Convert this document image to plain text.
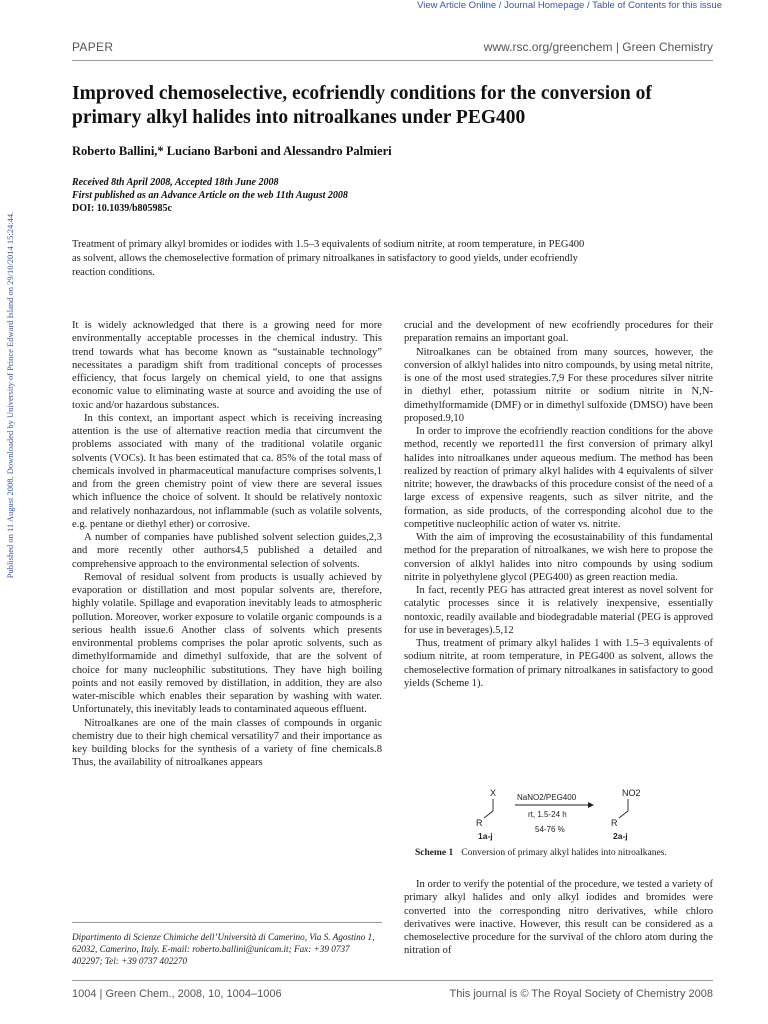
View Article Online / Journal Homepage / Table of Contents for this issue
PAPER	www.rsc.org/greenchem | Green Chemistry
Improved chemoselective, ecofriendly conditions for the conversion of primary alkyl halides into nitroalkanes under PEG400
Roberto Ballini,* Luciano Barboni and Alessandro Palmieri
Received 8th April 2008, Accepted 18th June 2008
First published as an Advance Article on the web 11th August 2008
DOI: 10.1039/b805985c
Treatment of primary alkyl bromides or iodides with 1.5–3 equivalents of sodium nitrite, at room temperature, in PEG400 as solvent, allows the chemoselective formation of primary nitroalkanes in satisfactory to good yields, under ecofriendly reaction conditions.
Published on 11 August 2008. Downloaded by University of Prince Edward Island on 29/10/2014 15:24:44.	It is widely acknowledged that there is a growing need for more environmentally acceptable processes in the chemical industry. This trend towards what has become known as “sustainable technology” necessitates a paradigm shift from traditional concepts of processes efficiency, that focus largely on chemical yield, to one that assigns economic value to eliminating waste at source and avoiding the use of toxic and/or hazardous substances.

In this context, an important aspect which is receiving increasing attention is the use of alternative reaction media that circumvent the problems associated with many of the traditional volatile organic solvents (VOCs). It has been estimated that ca. 85% of the total mass of chemicals involved in pharmaceutical manufacture comprises solvents,1 and from the green chemistry point of view there are several issues which influence the choice of solvent. It should be relatively nontoxic and relatively nonhazardous, not inflammable (such as volatile solvents, e.g. pentane or diethyl ether) or corrosive.

A number of companies have published solvent selection guides,2,3 and more recently other authors4,5 published a detailed and comprehensive approach to the environmental selection of solvents.

Removal of residual solvent from products is usually achieved by evaporation or distillation and most popular solvents are, therefore, highly volatile. Spillage and evaporation inevitably leads to atmospheric pollution. Moreover, worker exposure to volatile organic compounds is a serious health issue.6 Another class of solvents which presents environmental problems comprises the polar aprotic solvents, such as dimethylformamide and dimethyl sulfoxide, that are the solvent of choice for many nucleophilic substitutions. They have high boiling points and not easily removed by distillation, in addition, they are also water-miscible which enables their separation by washing with water. Unfortunately, this inevitably leads to contaminated aqueous effluent.

Nitroalkanes are one of the main classes of compounds in organic chemistry due to their high chemical versatility7 and their importance as key building blocks for the synthesis of a variety of fine chemicals.8 Thus, the availability of nitroalkanes appears

crucial and the development of new ecofriendly procedures for their preparation remains an important goal.

Nitroalkanes can be obtained from many sources, however, the conversion of alklyl halides into nitro compounds, by using metal nitrite, is one of the most used strategies.7,9 For these procedures silver nitrite in diethyl ether, potassium nitrite or sodium nitrite in N,N-dimethylformamide (DMF) or in dimethyl sulfoxide (DMSO) have been proposed.9,10

In order to improve the ecofriendly reaction conditions for the above method, recently we reported11 the first conversion of primary alkyl halides into nitroalkanes under aqueous medium. The method has been realized by reaction of primary alkyl halides with 4 equivalents of silver nitrite; however, the drawbacks of this procedure consist of the need of a large excess of expensive reagents, such as silver nitrite, and the formation, as side products, of the corresponding alcohol due to the competitive nucleophilic action of water vs. nitrite.

With the aim of improving the ecosustainability of this fundamental method for the preparation of nitroalkanes, we wish here to propose the conversion of alklyl halides into nitro compounds by using sodium nitrite in polyethylene glycol (PEG400) as green reaction media.

In fact, recently PEG has attracted great interest as novel solvent for catalytic processes since it is relatively inexpensive, essentially nontoxic, readily available and biodegradable material (PEG is approved for use in beverages).5,12

Thus, treatment of primary alkyl halides 1 with 1.5–3 equivalents of sodium nitrite, at room temperature, in PEG400 as solvent, allows the chemoselective formation of primary nitroalkanes in satisfactory to good yields (Scheme 1).

X
R
1a-j
NaNO2/PEG400
rt, 1.5-24 h
54-76 %
NO2
R
2a-j
Scheme 1 Conversion of primary alkyl halides into nitroalkanes.

In order to verify the potential of the procedure, we tested a variety of primary alkyl halides and only alkyl iodides and bromides were converted into the corresponding nitro derivatives, while chloro derivatives were inactive. However, this result can be considered as a chemoselective procedure for the survival of the chloro atom during the nitration of

Dipartimento di Scienze Chimiche dell’Università di Camerino, Via S. Agostino 1, 62032, Camerino, Italy. E-mail: roberto.ballini@unicam.it; Fax: +39 0737 402297; Tel: +39 0737 402270
1004 | Green Chem., 2008, 10, 1004–1006	This journal is © The Royal Society of Chemistry 2008
